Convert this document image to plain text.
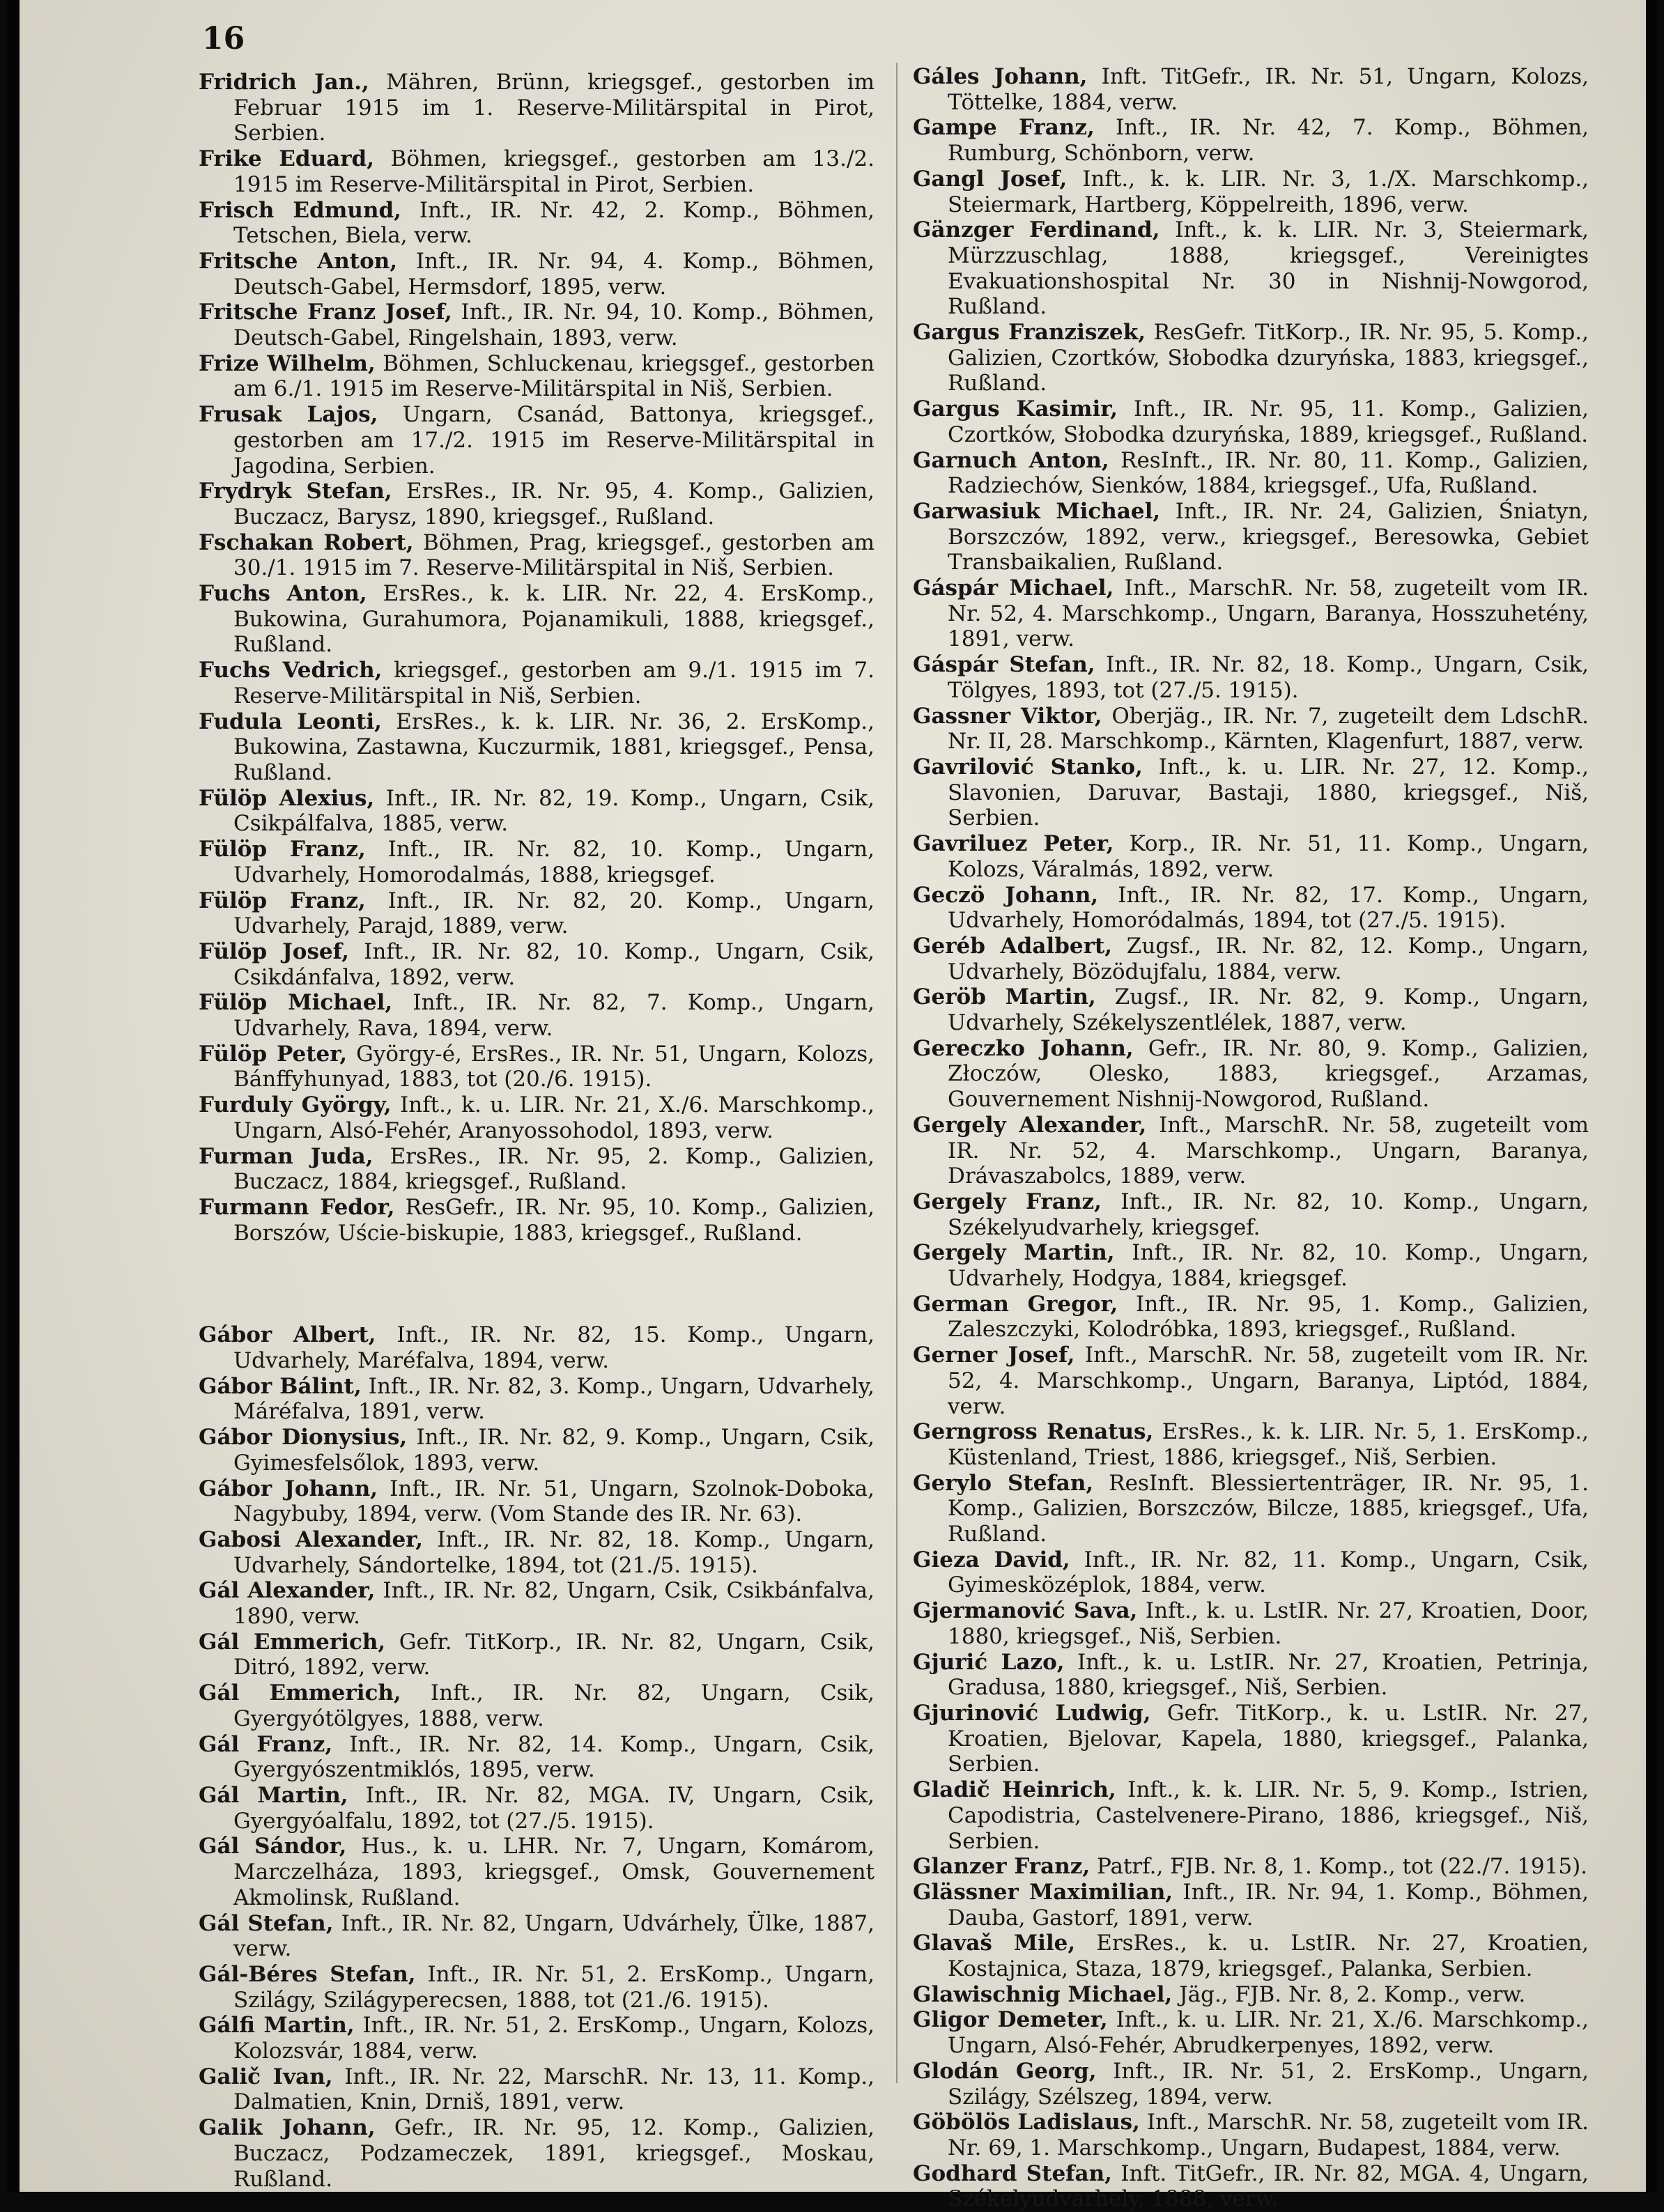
16

Fridrich Jan., Mähren, Brünn, kriegsgef., gestorben im Februar 1915 im 1. Reserve-Militärspital in Pirot, Serbien.

Frike Eduard, Böhmen, kriegsgef., gestorben am 13./2. 1915 im Reserve-Militärspital in Pirot, Serbien.

Frisch Edmund, Inft., IR. Nr. 42, 2. Komp., Böhmen, Tetschen, Biela, verw.

Fritsche Anton, Inft., IR. Nr. 94, 4. Komp., Böhmen, Deutsch-Gabel, Hermsdorf, 1895, verw.

Fritsche Franz Josef, Inft., IR. Nr. 94, 10. Komp., Böhmen, Deutsch-Gabel, Ringelshain, 1893, verw.

Frize Wilhelm, Böhmen, Schluckenau, kriegsgef., gestorben am 6./1. 1915 im Reserve-Militärspital in Niš, Serbien.

Frusak Lajos, Ungarn, Csanád, Battonya, kriegsgef., gestorben am 17./2. 1915 im Reserve-Militärspital in Jagodina, Serbien.

Frydryk Stefan, ErsRes., IR. Nr. 95, 4. Komp., Galizien, Buczacz, Barysz, 1890, kriegsgef., Rußland.

Fschakan Robert, Böhmen, Prag, kriegsgef., gestorben am 30./1. 1915 im 7. Reserve-Militärspital in Niš, Serbien.

Fuchs Anton, ErsRes., k. k. LIR. Nr. 22, 4. ErsKomp., Bukowina, Gurahumora, Pojanamikuli, 1888, kriegsgef., Rußland.

Fuchs Vedrich, kriegsgef., gestorben am 9./1. 1915 im 7. Reserve-Militärspital in Niš, Serbien.

Fudula Leonti, ErsRes., k. k. LIR. Nr. 36, 2. ErsKomp., Bukowina, Zastawna, Kuczurmik, 1881, kriegsgef., Pensa, Rußland.

Fülöp Alexius, Inft., IR. Nr. 82, 19. Komp., Ungarn, Csik, Csikpálfalva, 1885, verw.

Fülöp Franz, Inft., IR. Nr. 82, 10. Komp., Ungarn, Udvarhely, Homorodalmás, 1888, kriegsgef.

Fülöp Franz, Inft., IR. Nr. 82, 20. Komp., Ungarn, Udvarhely, Parajd, 1889, verw.

Fülöp Josef, Inft., IR. Nr. 82, 10. Komp., Ungarn, Csik, Csikdánfalva, 1892, verw.

Fülöp Michael, Inft., IR. Nr. 82, 7. Komp., Ungarn, Udvarhely, Rava, 1894, verw.

Fülöp Peter, György-é, ErsRes., IR. Nr. 51, Ungarn, Kolozs, Bánffyhunyad, 1883, tot (20./6. 1915).

Furduly György, Inft., k. u. LIR. Nr. 21, X./6. Marschkomp., Ungarn, Alsó-Fehér, Aranyossohodol, 1893, verw.

Furman Juda, ErsRes., IR. Nr. 95, 2. Komp., Galizien, Buczacz, 1884, kriegsgef., Rußland.

Furmann Fedor, ResGefr., IR. Nr. 95, 10. Komp., Galizien, Borszów, Uście-biskupie, 1883, kriegsgef., Rußland.

Gábor Albert, Inft., IR. Nr. 82, 15. Komp., Ungarn, Udvarhely, Maréfalva, 1894, verw.

Gábor Bálint, Inft., IR. Nr. 82, 3. Komp., Ungarn, Udvarhely, Máréfalva, 1891, verw.

Gábor Dionysius, Inft., IR. Nr. 82, 9. Komp., Ungarn, Csik, Gyimesfelsőlok, 1893, verw.

Gábor Johann, Inft., IR. Nr. 51, Ungarn, Szolnok-Doboka, Nagybuby, 1894, verw. (Vom Stande des IR. Nr. 63).

Gabosi Alexander, Inft., IR. Nr. 82, 18. Komp., Ungarn, Udvarhely, Sándortelke, 1894, tot (21./5. 1915).

Gál Alexander, Inft., IR. Nr. 82, Ungarn, Csik, Csikbánfalva, 1890, verw.

Gál Emmerich, Gefr. TitKorp., IR. Nr. 82, Ungarn, Csik, Ditró, 1892, verw.

Gál Emmerich, Inft., IR. Nr. 82, Ungarn, Csik, Gyergyótölgyes, 1888, verw.

Gál Franz, Inft., IR. Nr. 82, 14. Komp., Ungarn, Csik, Gyergyószentmiklós, 1895, verw.

Gál Martin, Inft., IR. Nr. 82, MGA. IV, Ungarn, Csik, Gyergyóalfalu, 1892, tot (27./5. 1915).

Gál Sándor, Hus., k. u. LHR. Nr. 7, Ungarn, Komárom, Marczelháza, 1893, kriegsgef., Omsk, Gouvernement Akmolinsk, Rußland.

Gál Stefan, Inft., IR. Nr. 82, Ungarn, Udvárhely, Ülke, 1887, verw.

Gál-Béres Stefan, Inft., IR. Nr. 51, 2. ErsKomp., Ungarn, Szilágy, Szilágyperecsen, 1888, tot (21./6. 1915).

Gálfi Martin, Inft., IR. Nr. 51, 2. ErsKomp., Ungarn, Kolozs, Kolozsvár, 1884, verw.

Galič Ivan, Inft., IR. Nr. 22, MarschR. Nr. 13, 11. Komp., Dalmatien, Knin, Drniš, 1891, verw.

Galik Johann, Gefr., IR. Nr. 95, 12. Komp., Galizien, Buczacz, Podzameczek, 1891, kriegsgef., Moskau, Rußland.

Gáles Johann, Inft. TitGefr., IR. Nr. 51, Ungarn, Kolozs, Töttelke, 1884, verw.

Gampe Franz, Inft., IR. Nr. 42, 7. Komp., Böhmen, Rumburg, Schönborn, verw.

Gangl Josef, Inft., k. k. LIR. Nr. 3, 1./X. Marschkomp., Steiermark, Hartberg, Köppelreith, 1896, verw.

Gänzger Ferdinand, Inft., k. k. LIR. Nr. 3, Steiermark, Mürzzuschlag, 1888, kriegsgef., Vereinigtes Evakuationshospital Nr. 30 in Nishnij-Nowgorod, Rußland.

Gargus Franziszek, ResGefr. TitKorp., IR. Nr. 95, 5. Komp., Galizien, Czortków, Słobodka dzuryńska, 1883, kriegsgef., Rußland.

Gargus Kasimir, Inft., IR. Nr. 95, 11. Komp., Galizien, Czortków, Słobodka dzuryńska, 1889, kriegsgef., Rußland.

Garnuch Anton, ResInft., IR. Nr. 80, 11. Komp., Galizien, Radziechów, Sienków, 1884, kriegsgef., Ufa, Rußland.

Garwasiuk Michael, Inft., IR. Nr. 24, Galizien, Śniatyn, Borszczów, 1892, verw., kriegsgef., Beresowka, Gebiet Transbaikalien, Rußland.

Gáspár Michael, Inft., MarschR. Nr. 58, zugeteilt vom IR. Nr. 52, 4. Marschkomp., Ungarn, Baranya, Hosszuhetény, 1891, verw.

Gáspár Stefan, Inft., IR. Nr. 82, 18. Komp., Ungarn, Csik, Tölgyes, 1893, tot (27./5. 1915).

Gassner Viktor, Oberjäg., IR. Nr. 7, zugeteilt dem LdschR. Nr. II, 28. Marschkomp., Kärnten, Klagenfurt, 1887, verw.

Gavrilović Stanko, Inft., k. u. LIR. Nr. 27, 12. Komp., Slavonien, Daruvar, Bastaji, 1880, kriegsgef., Niš, Serbien.

Gavriluez Peter, Korp., IR. Nr. 51, 11. Komp., Ungarn, Kolozs, Váralmás, 1892, verw.

Geczö Johann, Inft., IR. Nr. 82, 17. Komp., Ungarn, Udvarhely, Homoródalmás, 1894, tot (27./5. 1915).

Geréb Adalbert, Zugsf., IR. Nr. 82, 12. Komp., Ungarn, Udvarhely, Bözödujfalu, 1884, verw.

Geröb Martin, Zugsf., IR. Nr. 82, 9. Komp., Ungarn, Udvarhely, Székelyszentlélek, 1887, verw.

Gereczko Johann, Gefr., IR. Nr. 80, 9. Komp., Galizien, Złoczów, Olesko, 1883, kriegsgef., Arzamas, Gouvernement Nishnij-Nowgorod, Rußland.

Gergely Alexander, Inft., MarschR. Nr. 58, zugeteilt vom IR. Nr. 52, 4. Marschkomp., Ungarn, Baranya, Drávaszabolcs, 1889, verw.

Gergely Franz, Inft., IR. Nr. 82, 10. Komp., Ungarn, Székelyudvarhely, kriegsgef.

Gergely Martin, Inft., IR. Nr. 82, 10. Komp., Ungarn, Udvarhely, Hodgya, 1884, kriegsgef.

German Gregor, Inft., IR. Nr. 95, 1. Komp., Galizien, Zaleszczyki, Kolodróbka, 1893, kriegsgef., Rußland.

Gerner Josef, Inft., MarschR. Nr. 58, zugeteilt vom IR. Nr. 52, 4. Marschkomp., Ungarn, Baranya, Liptód, 1884, verw.

Gerngross Renatus, ErsRes., k. k. LIR. Nr. 5, 1. ErsKomp., Küstenland, Triest, 1886, kriegsgef., Niš, Serbien.

Gerylo Stefan, ResInft. Blessiertenträger, IR. Nr. 95, 1. Komp., Galizien, Borszczów, Bilcze, 1885, kriegsgef., Ufa, Rußland.

Gieza David, Inft., IR. Nr. 82, 11. Komp., Ungarn, Csik, Gyimesközéplok, 1884, verw.

Gjermanović Sava, Inft., k. u. LstIR. Nr. 27, Kroatien, Door, 1880, kriegsgef., Niš, Serbien.

Gjurić Lazo, Inft., k. u. LstIR. Nr. 27, Kroatien, Petrinja, Gradusa, 1880, kriegsgef., Niš, Serbien.

Gjurinović Ludwig, Gefr. TitKorp., k. u. LstIR. Nr. 27, Kroatien, Bjelovar, Kapela, 1880, kriegsgef., Palanka, Serbien.

Gladič Heinrich, Inft., k. k. LIR. Nr. 5, 9. Komp., Istrien, Capodistria, Castelvenere-Pirano, 1886, kriegsgef., Niš, Serbien.

Glanzer Franz, Patrf., FJB. Nr. 8, 1. Komp., tot (22./7. 1915).

Glässner Maximilian, Inft., IR. Nr. 94, 1. Komp., Böhmen, Dauba, Gastorf, 1891, verw.

Glavaš Mile, ErsRes., k. u. LstIR. Nr. 27, Kroatien, Kostajnica, Staza, 1879, kriegsgef., Palanka, Serbien.

Glawischnig Michael, Jäg., FJB. Nr. 8, 2. Komp., verw.

Gligor Demeter, Inft., k. u. LIR. Nr. 21, X./6. Marschkomp., Ungarn, Alsó-Fehér, Abrudkerpenyes, 1892, verw.

Glodán Georg, Inft., IR. Nr. 51, 2. ErsKomp., Ungarn, Szilágy, Szélszeg, 1894, verw.

Göbölös Ladislaus, Inft., MarschR. Nr. 58, zugeteilt vom IR. Nr. 69, 1. Marschkomp., Ungarn, Budapest, 1884, verw.

Godhard Stefan, Inft. TitGefr., IR. Nr. 82, MGA. 4, Ungarn, Székelyudvarhely, 1888, verw.
